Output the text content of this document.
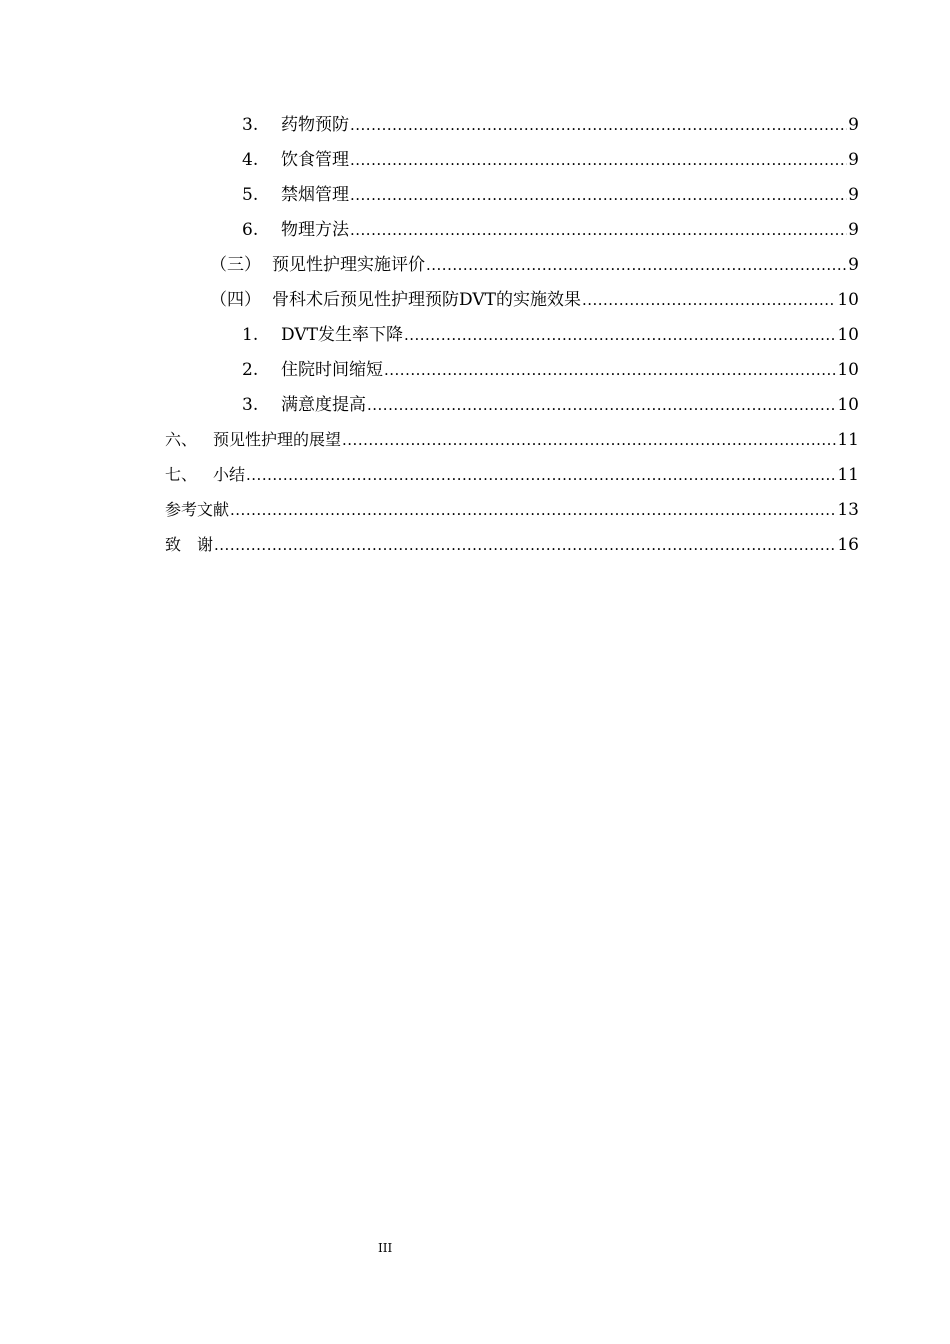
3.	药物预防 .....	9
4.	饮食管理 .....	9
5.	禁烟管理 .....	9
6.	物理方法 .....	9
（三） 预见性护理实施评价 .....	9
（四） 骨科术后预见性护理预防DVT的实施效果 .....	10
1.	DVT发生率下降 .....	10
2.	住院时间缩短 .....	10
3.	满意度提高 .....	10
六、 预见性护理的展望 .....	11
七、 小结 .....	11
参考文献 .....	13
致　谢 .....	16
III
